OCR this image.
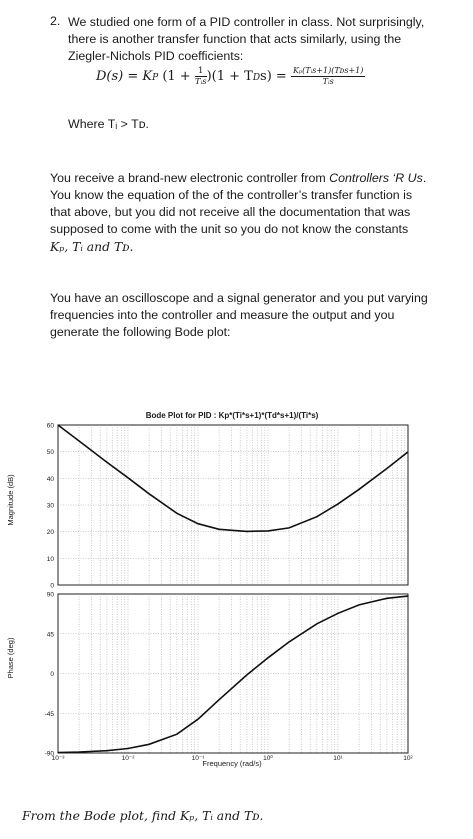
2. We studied one form of a PID controller in class. Not surprisingly,
there is another transfer function that acts similarly, using the
Ziegler-Nichols PID coefficients:
D(s) = KP $(1 + \frac{1}{\text{Tᵢs}} )(1 + TDs) = \frac{\text{Kₚ(Tᵢs+1)(Tᴅs+1)}}{\text{Tᵢs}}$
Where Tᵢ > Tᴅ.
You receive a brand-new electronic controller from Controllers ‘R Us.
You know the equation of the of the controller’s transfer function is
that above, but you did not receive all the documentation that was
supposed to come with the unit so you do not know the constants
Kₚ, Tᵢ and Tᴅ.
You have an oscilloscope and a signal generator and you put varying
frequencies into the controller and measure the output and you
generate the following Bode plot:
Bode Plot for PID : Kp*(Ti*s+1)*(Td*s+1)/(Ti*s)
0
10
20
30
40
50
60
-90
-45
0
45
90
10⁻³	10⁻²	10⁻¹	10⁰	10¹	10²
Magnitude (dB)
Phase (deg)
Frequency (rad/s)
From the Bode plot, find Kₚ, Tᵢ and Tᴅ.
